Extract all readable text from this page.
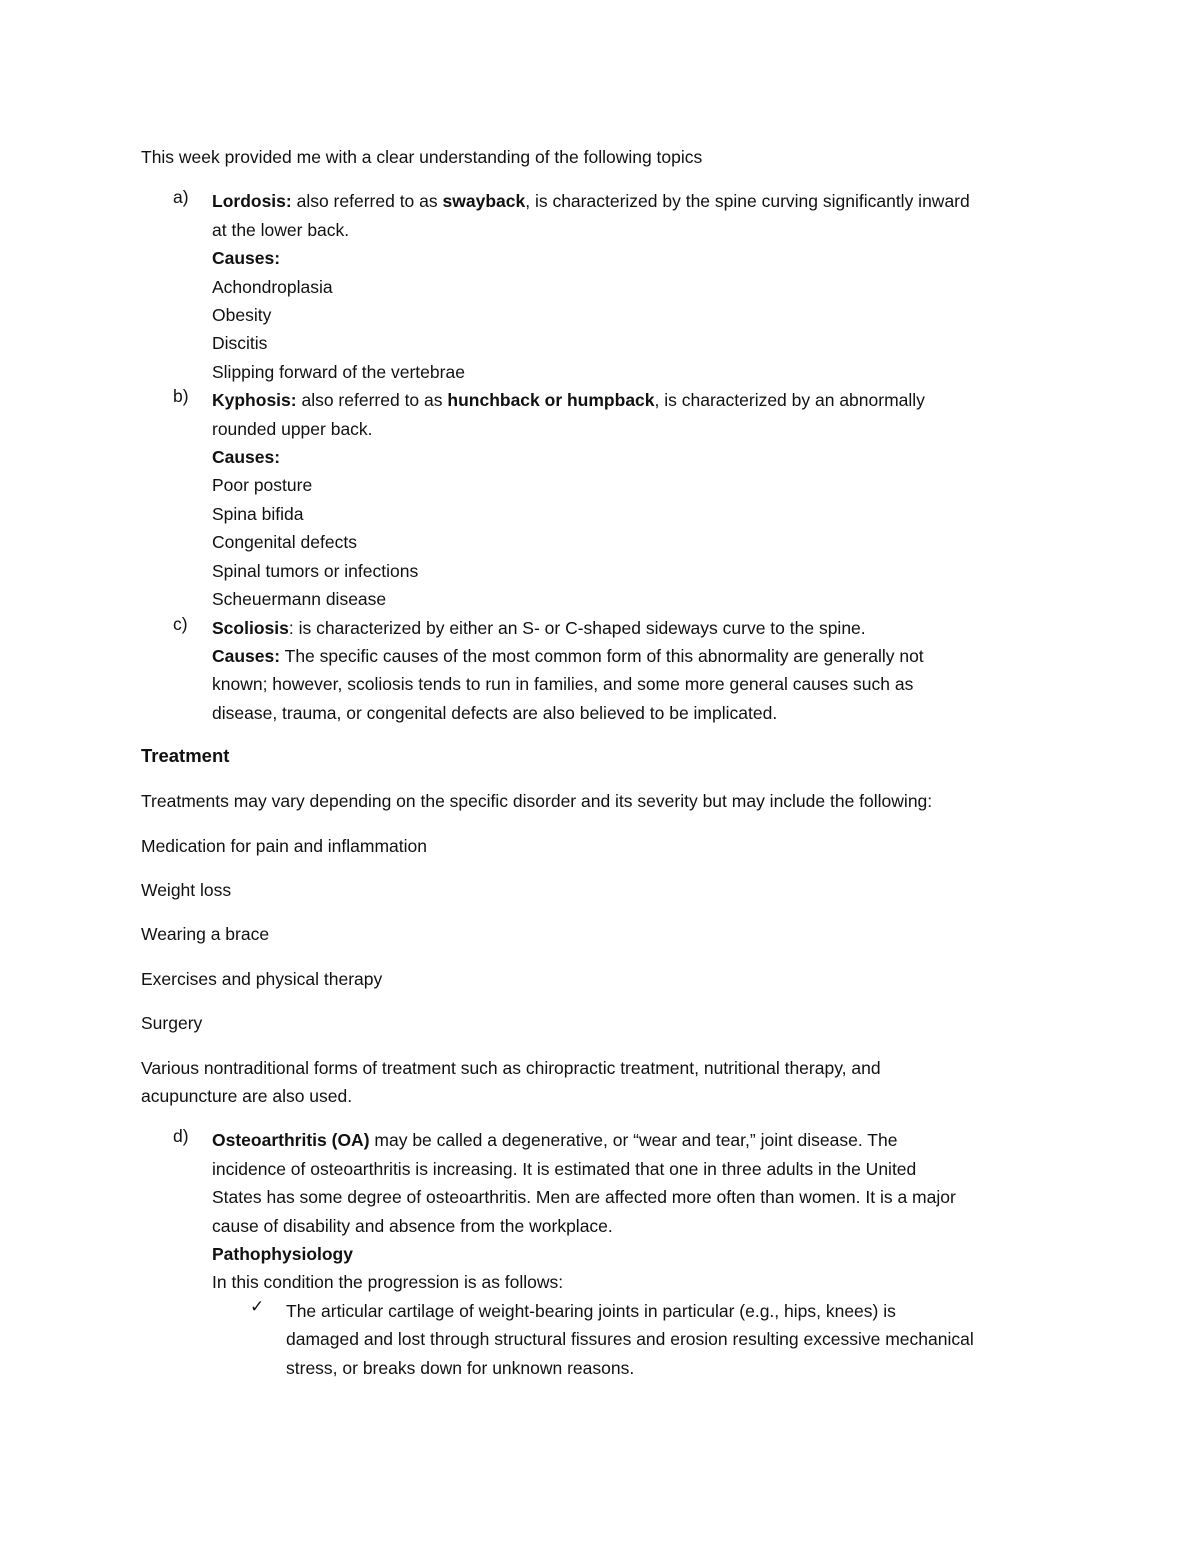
This week provided me with a clear understanding of the following topics
a) Lordosis: also referred to as swayback, is characterized by the spine curving significantly inward
at the lower back.
Causes:
Achondroplasia
Obesity
Discitis
Slipping forward of the vertebrae
b) Kyphosis: also referred to as hunchback or humpback, is characterized by an abnormally
rounded upper back.
Causes:
Poor posture
Spina bifida
Congenital defects
Spinal tumors or infections
Scheuermann disease
c) Scoliosis: is characterized by either an S- or C-shaped sideways curve to the spine.
Causes: The specific causes of the most common form of this abnormality are generally not
known; however, scoliosis tends to run in families, and some more general causes such as
disease, trauma, or congenital defects are also believed to be implicated.
Treatment
Treatments may vary depending on the specific disorder and its severity but may include the following:
Medication for pain and inflammation
Weight loss
Wearing a brace
Exercises and physical therapy
Surgery
Various nontraditional forms of treatment such as chiropractic treatment, nutritional therapy, and
acupuncture are also used.
d) Osteoarthritis (OA) may be called a degenerative, or “wear and tear,” joint disease. The
incidence of osteoarthritis is increasing. It is estimated that one in three adults in the United
States has some degree of osteoarthritis. Men are affected more often than women. It is a major
cause of disability and absence from the workplace.
Pathophysiology
In this condition the progression is as follows:
✓ The articular cartilage of weight-bearing joints in particular (e.g., hips, knees) is
damaged and lost through structural fissures and erosion resulting excessive mechanical
stress, or breaks down for unknown reasons.
